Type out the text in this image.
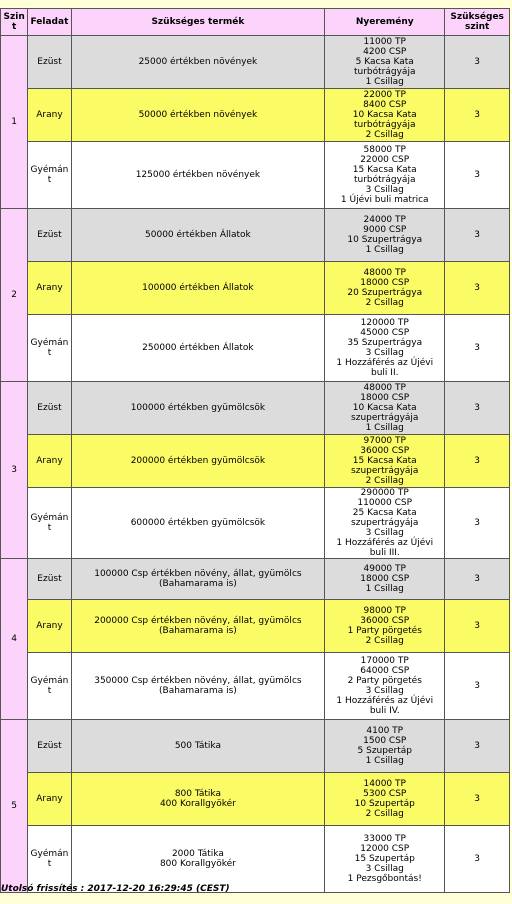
Szint	Feladat	Szükséges termék	Nyeremény	Szükséges szint
1	Ezüst	25000 értékben növények	11000 TP
4200 CSP
5 Kacsa Kata turbótrágyája
1 Csillag	3
	Arany	50000 értékben növények	22000 TP
8400 CSP
10 Kacsa Kata turbótrágyája
2 Csillag	3
	Gyémánt	125000 értékben növények	58000 TP
22000 CSP
15 Kacsa Kata turbótrágyája
3 Csillag
1 Újévi buli matrica	3
2	Ezüst	50000 értékben Állatok	24000 TP
9000 CSP
10 Szupertrágya
1 Csillag	3
	Arany	100000 értékben Állatok	48000 TP
18000 CSP
20 Szupertrágya
2 Csillag	3
	Gyémánt	250000 értékben Állatok	120000 TP
45000 CSP
35 Szupertrágya
3 Csillag
1 Hozzáférés az Újévi buli II.	3
3	Ezüst	100000 értékben gyümölcsök	48000 TP
18000 CSP
10 Kacsa Kata szupertrágyája
1 Csillag	3
	Arany	200000 értékben gyümölcsök	97000 TP
36000 CSP
15 Kacsa Kata szupertrágyája
2 Csillag	3
	Gyémánt	600000 értékben gyümölcsök	290000 TP
110000 CSP
25 Kacsa Kata szupertrágyája
3 Csillag
1 Hozzáférés az Újévi buli III.	3
4	Ezüst	100000 Csp értékben növény, állat, gyümölcs (Bahamarama is)	49000 TP
18000 CSP
1 Csillag	3
	Arany	200000 Csp értékben növény, állat, gyümölcs (Bahamarama is)	98000 TP
36000 CSP
1 Party pörgetés
2 Csillag	3
	Gyémánt	350000 Csp értékben növény, állat, gyümölcs (Bahamarama is)	170000 TP
64000 CSP
2 Party pörgetés
3 Csillag
1 Hozzáférés az Újévi buli IV.	3
5	Ezüst	500 Tátika	4100 TP
1500 CSP
5 Szupertáp
1 Csillag	3
	Arany	800 Tátika
400 Korallgyökér	14000 TP
5300 CSP
10 Szupertáp
2 Csillag	3
	Gyémánt	2000 Tátika
800 Korallgyökér	33000 TP
12000 CSP
15 Szupertáp
3 Csillag
1 Pezsgőbontás!	3
Utolsó frissítés : 2017-12-20 16:29:45 (CEST)
